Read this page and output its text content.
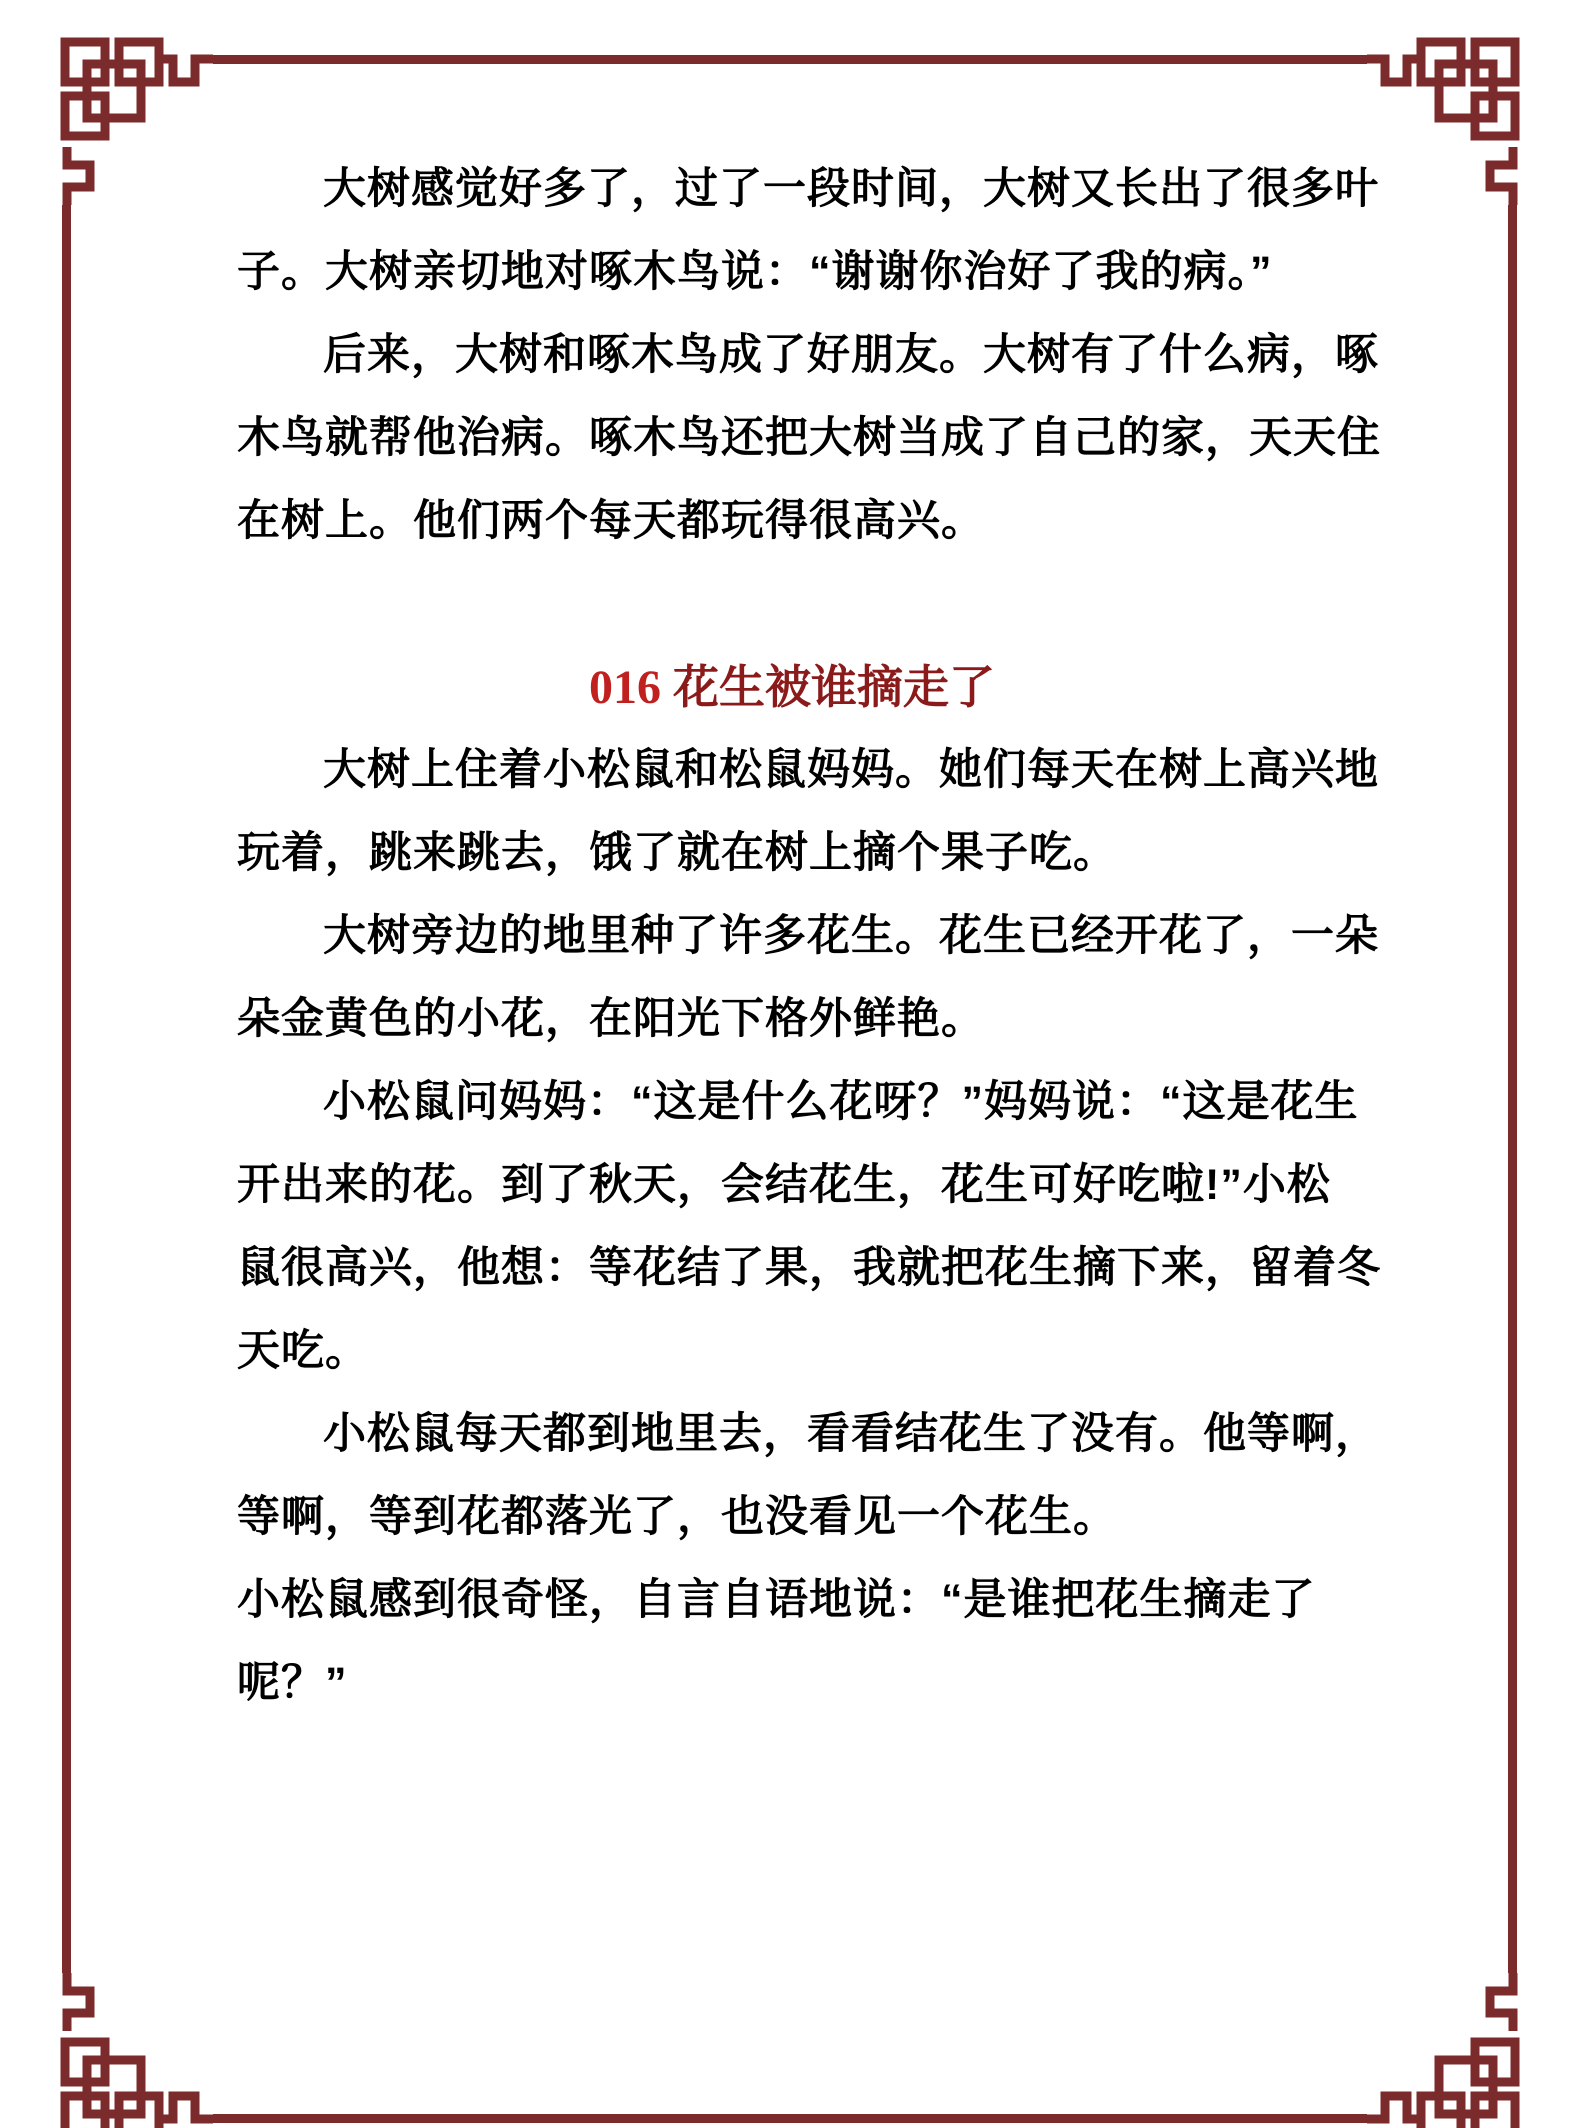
大树感觉好多了，过了一段时间，大树又长出了很多叶
子。大树亲切地对啄木鸟说：“谢谢你治好了我的病。”
后来，大树和啄木鸟成了好朋友。大树有了什么病，啄
木鸟就帮他治病。啄木鸟还把大树当成了自己的家，天天住
在树上。他们两个每天都玩得很高兴。
016 花生被谁摘走了
大树上住着小松鼠和松鼠妈妈。她们每天在树上高兴地
玩着，跳来跳去，饿了就在树上摘个果子吃。
大树旁边的地里种了许多花生。花生已经开花了，一朵
朵金黄色的小花，在阳光下格外鲜艳。
小松鼠问妈妈：“这是什么花呀？”妈妈说：“这是花生
开出来的花。到了秋天，会结花生，花生可好吃啦!”小松
鼠很高兴，他想：等花结了果，我就把花生摘下来，留着冬
天吃。
小松鼠每天都到地里去，看看结花生了没有。他等啊，
等啊，等到花都落光了，也没看见一个花生。
小松鼠感到很奇怪，自言自语地说：“是谁把花生摘走了
呢？”
